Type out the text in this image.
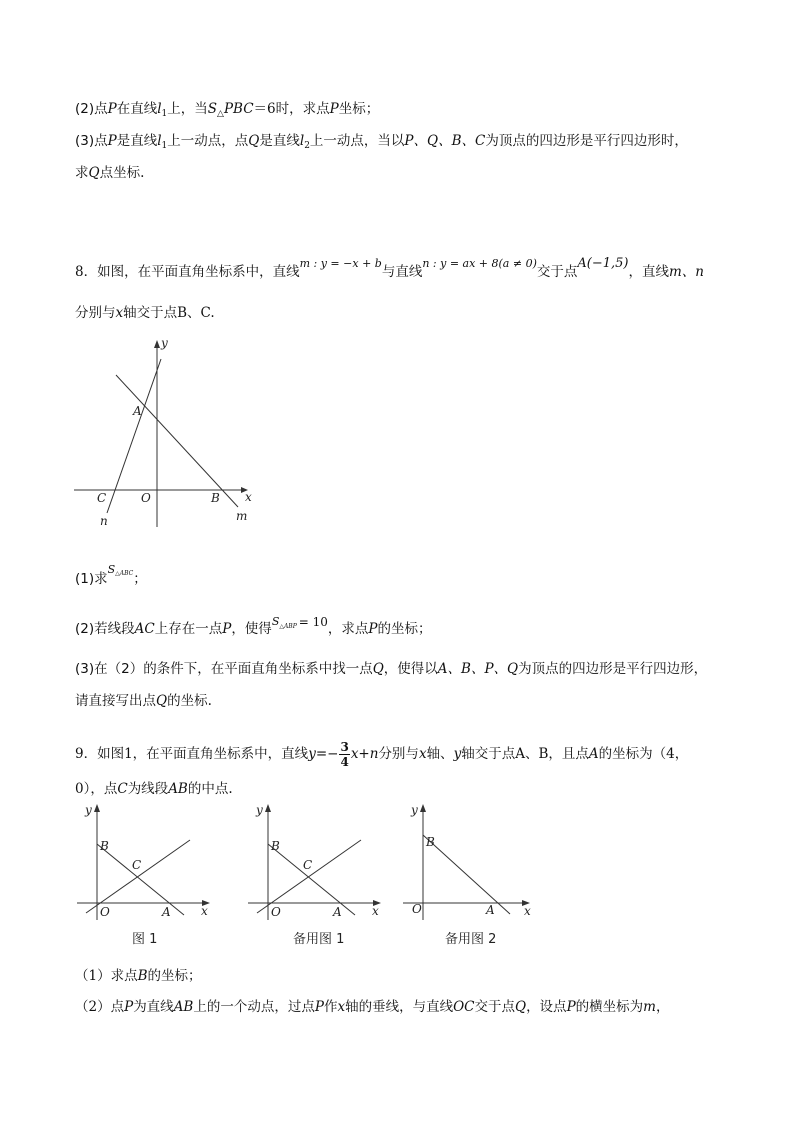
(2)点P在直线$l_1$上，当$S_\triangle PBC=6$时，求点P坐标；
(3)点P是直线$l_1$上一动点，点Q是直线$l_2$上一动点，当以P、Q、B、C为顶点的四边形是平行四边形时，
求Q点坐标.
8．如图，在平面直角坐标系中，直线m : y = −x + b与直线n : y = ax + 8(a ≠ 0)交于点A(−1,5)，直线m、n
分别与x轴交于点B、C.
y
x
A
C	O	B
m
n
(1)求S△ABC；
(2)若线段AC上存在一点P，使得S△ABP = 10，求点P的坐标；
(3)在（2）的条件下，在平面直角坐标系中找一点Q，使得以A、B、P、Q为顶点的四边形是平行四边形，
请直接写出点Q的坐标.
9．如图1，在平面直角坐标系中，直线$y=- \frac{3}{4} x+n$分别与x轴、y轴交于点A、B，且点A的坐标为（4，
0），点C为线段AB的中点.
y
x
B
C
O	A
图 1
y
x
B
C
O	A
备用图 1
y
x
B
O	A
备用图 2
（1）求点B的坐标；
（2）点P为直线AB上的一个动点，过点P作x轴的垂线，与直线OC交于点Q，设点P的横坐标为m，
